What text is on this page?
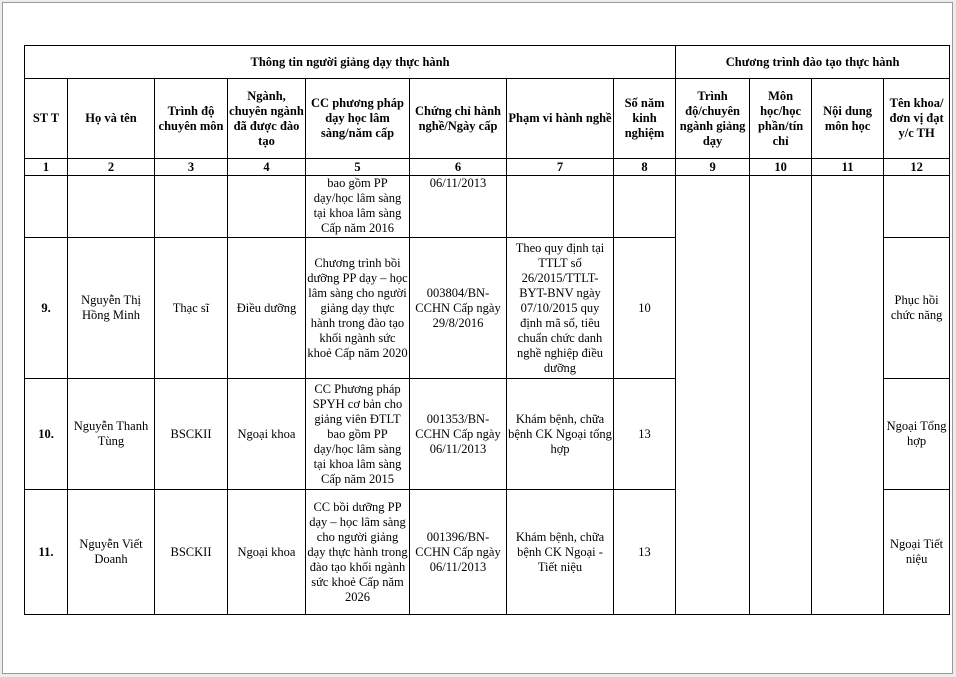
Thông tin người giảng dạy thực hành								Chương trình đào tạo thực hành			
ST T	Họ và tên	Trình độ chuyên môn	Ngành, chuyên ngành đã được đào tạo	CC phương pháp dạy học lâm sàng/năm cấp	Chứng chỉ hành nghề/Ngày cấp	Phạm vi hành nghề	Số năm kinh nghiệm	Trình độ/chuyên ngành giảng dạy	Môn học/học phần/tín chỉ	Nội dung môn học	Tên khoa/đơn vị đạt y/c TH
1	2	3	4	5	6	7	8	9	10	11	12
				bao gồm PP dạy/học lâm sàng tại khoa lâm sàng Cấp năm 2016	06/11/2013						
9.	Nguyễn Thị Hồng Minh	Thạc sĩ	Điều dưỡng	Chương trình bồi dưỡng PP dạy – học lâm sàng cho người giảng dạy thực hành trong đào tạo khối ngành sức khoẻ Cấp năm 2020	003804/BN-CCHN Cấp ngày 29/8/2016	Theo quy định tại TTLT số 26/2015/TTLT-BYT-BNV ngày 07/10/2015 quy định mã số, tiêu chuẩn chức danh nghề nghiệp điều dưỡng	10				Phục hồi chức năng
10.	Nguyễn Thanh Tùng	BSCKII	Ngoại khoa	CC Phương pháp SPYH cơ bản cho giảng viên ĐTLT bao gồm PP dạy/học lâm sàng tại khoa lâm sàng Cấp năm 2015	001353/BN-CCHN Cấp ngày 06/11/2013	Khám bệnh, chữa bệnh CK Ngoại tổng hợp	13				Ngoại Tổng hợp
11.	Nguyễn Viết Doanh	BSCKII	Ngoại khoa	CC bồi dưỡng PP dạy – học lâm sàng cho người giảng dạy thực hành trong đào tạo khối ngành sức khoẻ Cấp năm 2026	001396/BN-CCHN Cấp ngày 06/11/2013	Khám bệnh, chữa bệnh CK Ngoại - Tiết niệu	13				Ngoại Tiết niệu
